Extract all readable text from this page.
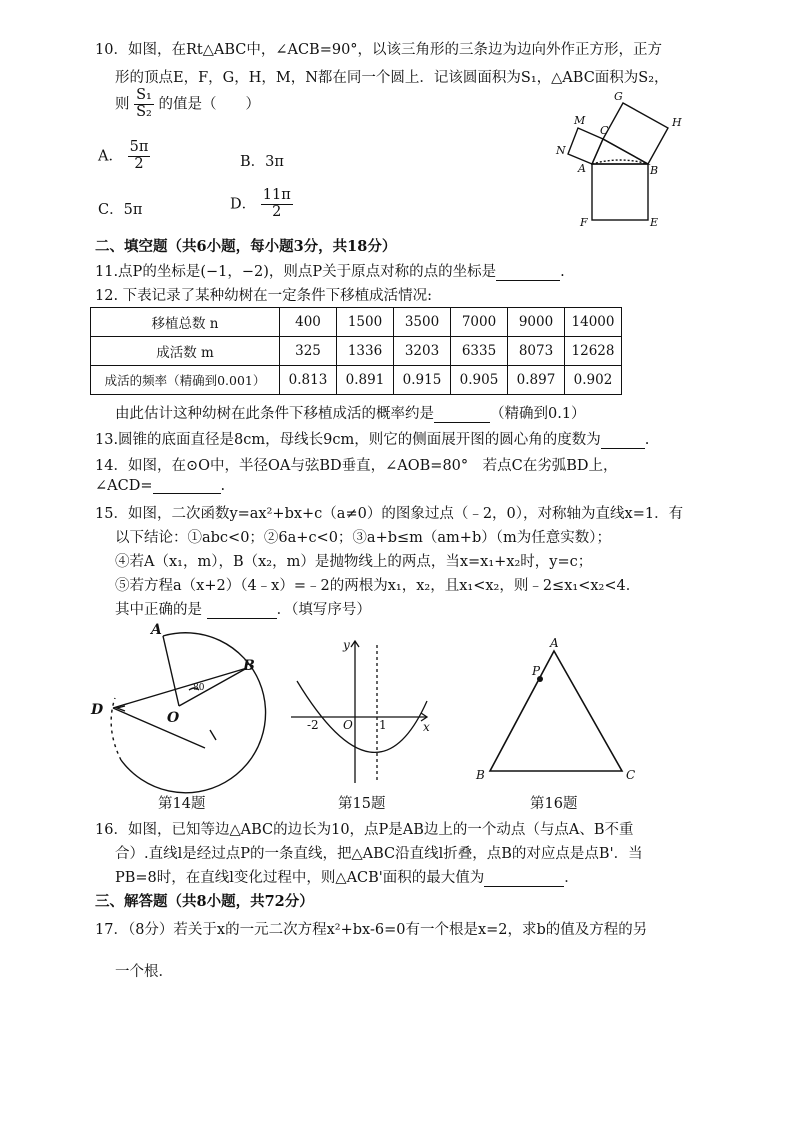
10．如图，在Rt△ABC中，∠ACB=90°，以该三角形的三条边为边向外作正方形，正方
形的顶点E，F，G，H，M，N都在同一个圆上．记该圆面积为S₁，△ABC面积为S₂，
则 $\frac{\text{S₁}}{\text{S₂}}$ 的值是（　　）
A． $\frac{5\pi}{2}$	B．3π
C．5π	D． $\frac{11\pi}{2}$
G
H
M
C
N
A	B
F	E
二、填空题（共6小题，每小题3分，共18分）
11.点P的坐标是(−1，−2)，则点P关于原点对称的点的坐标是	.
12. 下表记录了某种幼树在一定条件下移植成活情况:
移植总数 n	400	1500	3500	7000	9000	14000
成活数 m	325	1336	3203	6335	8073	12628
成活的频率（精确到0.001）	0.813	0.891	0.915	0.905	0.897	0.902
由此估计这种幼树在此条件下移植成活的概率约是	（精确到0.1）
13.圆锥的底面直径是8cm，母线长9cm，则它的侧面展开图的圆心角的度数为	.
14．如图，在⊙O中，半径OA与弦BD垂直，∠AOB=80°　若点C在劣弧BD上，
∠ACD=	.
15．如图，二次函数y=ax²+bx+c（a≠0）的图象过点（﹣2，0），对称轴为直线x=1．有
以下结论：①abc<0；②6a+c<0；③a+b≤m（am+b）（m为任意实数）；
④若A（x₁，m），B（x₂，m）是抛物线上的两点，当x=x₁+x₂时，y=c；
⑤若方程a（x+2）（4﹣x）=﹣2的两根为x₁，x₂，且x₁<x₂，则﹣2≤x₁<x₂<4．
其中正确的是	．（填写序号）
A
B
D	O
80
第14题
y
x
-2 O 1
第15题
A
P
B	C
第16题
16．如图，已知等边△ABC的边长为10，点P是AB边上的一个动点（与点A、B不重
合）.直线l是经过点P的一条直线，把△ABC沿直线l折叠，点B的对应点是点B'．当
PB=8时，在直线l变化过程中，则△ACB'面积的最大值为	．
三、解答题（共8小题，共72分）
17．（8分）若关于x的一元二次方程x²+bx-6=0有一个根是x=2，求b的值及方程的另
一个根．
